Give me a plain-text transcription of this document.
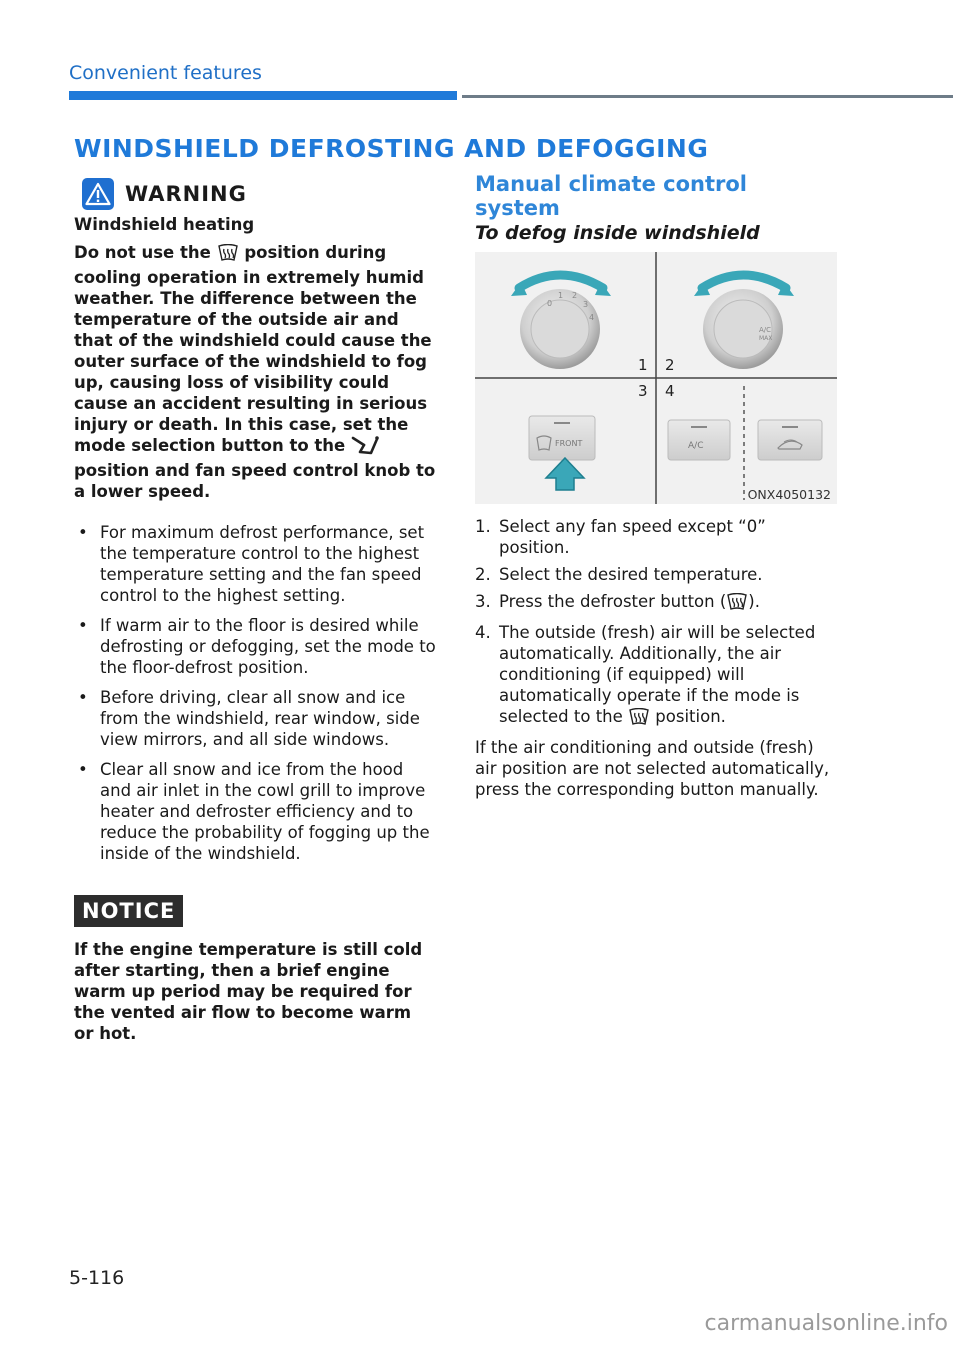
Convenient features
WINDSHIELD DEFROSTING AND DEFOGGING
WARNING
Windshield heating
Do not use the position during cooling operation in extremely humid weather. The difference between the temperature of the outside air and that of the windshield could cause the outer surface of the windshield to fog up, causing loss of visibility could cause an accident resulting in serious injury or death. In this case, set the mode selection button to the  position and fan speed control knob to a lower speed.
• For maximum defrost performance, set the temperature control to the highest temperature setting and the fan speed control to the highest setting.
• If warm air to the floor is desired while defrosting or defogging, set the mode to the floor-defrost position.
• Before driving, clear all snow and ice from the windshield, rear window, side view mirrors, and all side windows.
• Clear all snow and ice from the hood and air inlet in the cowl grill to improve heater and defroster efficiency and to reduce the probability of fogging up the inside of the windshield.
NOTICE
If the engine temperature is still cold after starting, then a brief engine warm up period may be required for the vented air flow to become warm or hot.
Manual climate control system
To defog inside windshield
0
1 2
3
4
A/C
MAX
1 2
3 4
FRONT	A/C
ONX4050132
1. Select any fan speed except “0” position.
2. Select the desired temperature.
3. Press the defroster button ( ).
4. The outside (fresh) air will be selected automatically. Additionally, the air conditioning (if equipped) will automatically operate if the mode is selected to the position.
If the air conditioning and outside (fresh) air position are not selected automatically, press the corresponding button manually.
5-116
carmanualsonline.info
